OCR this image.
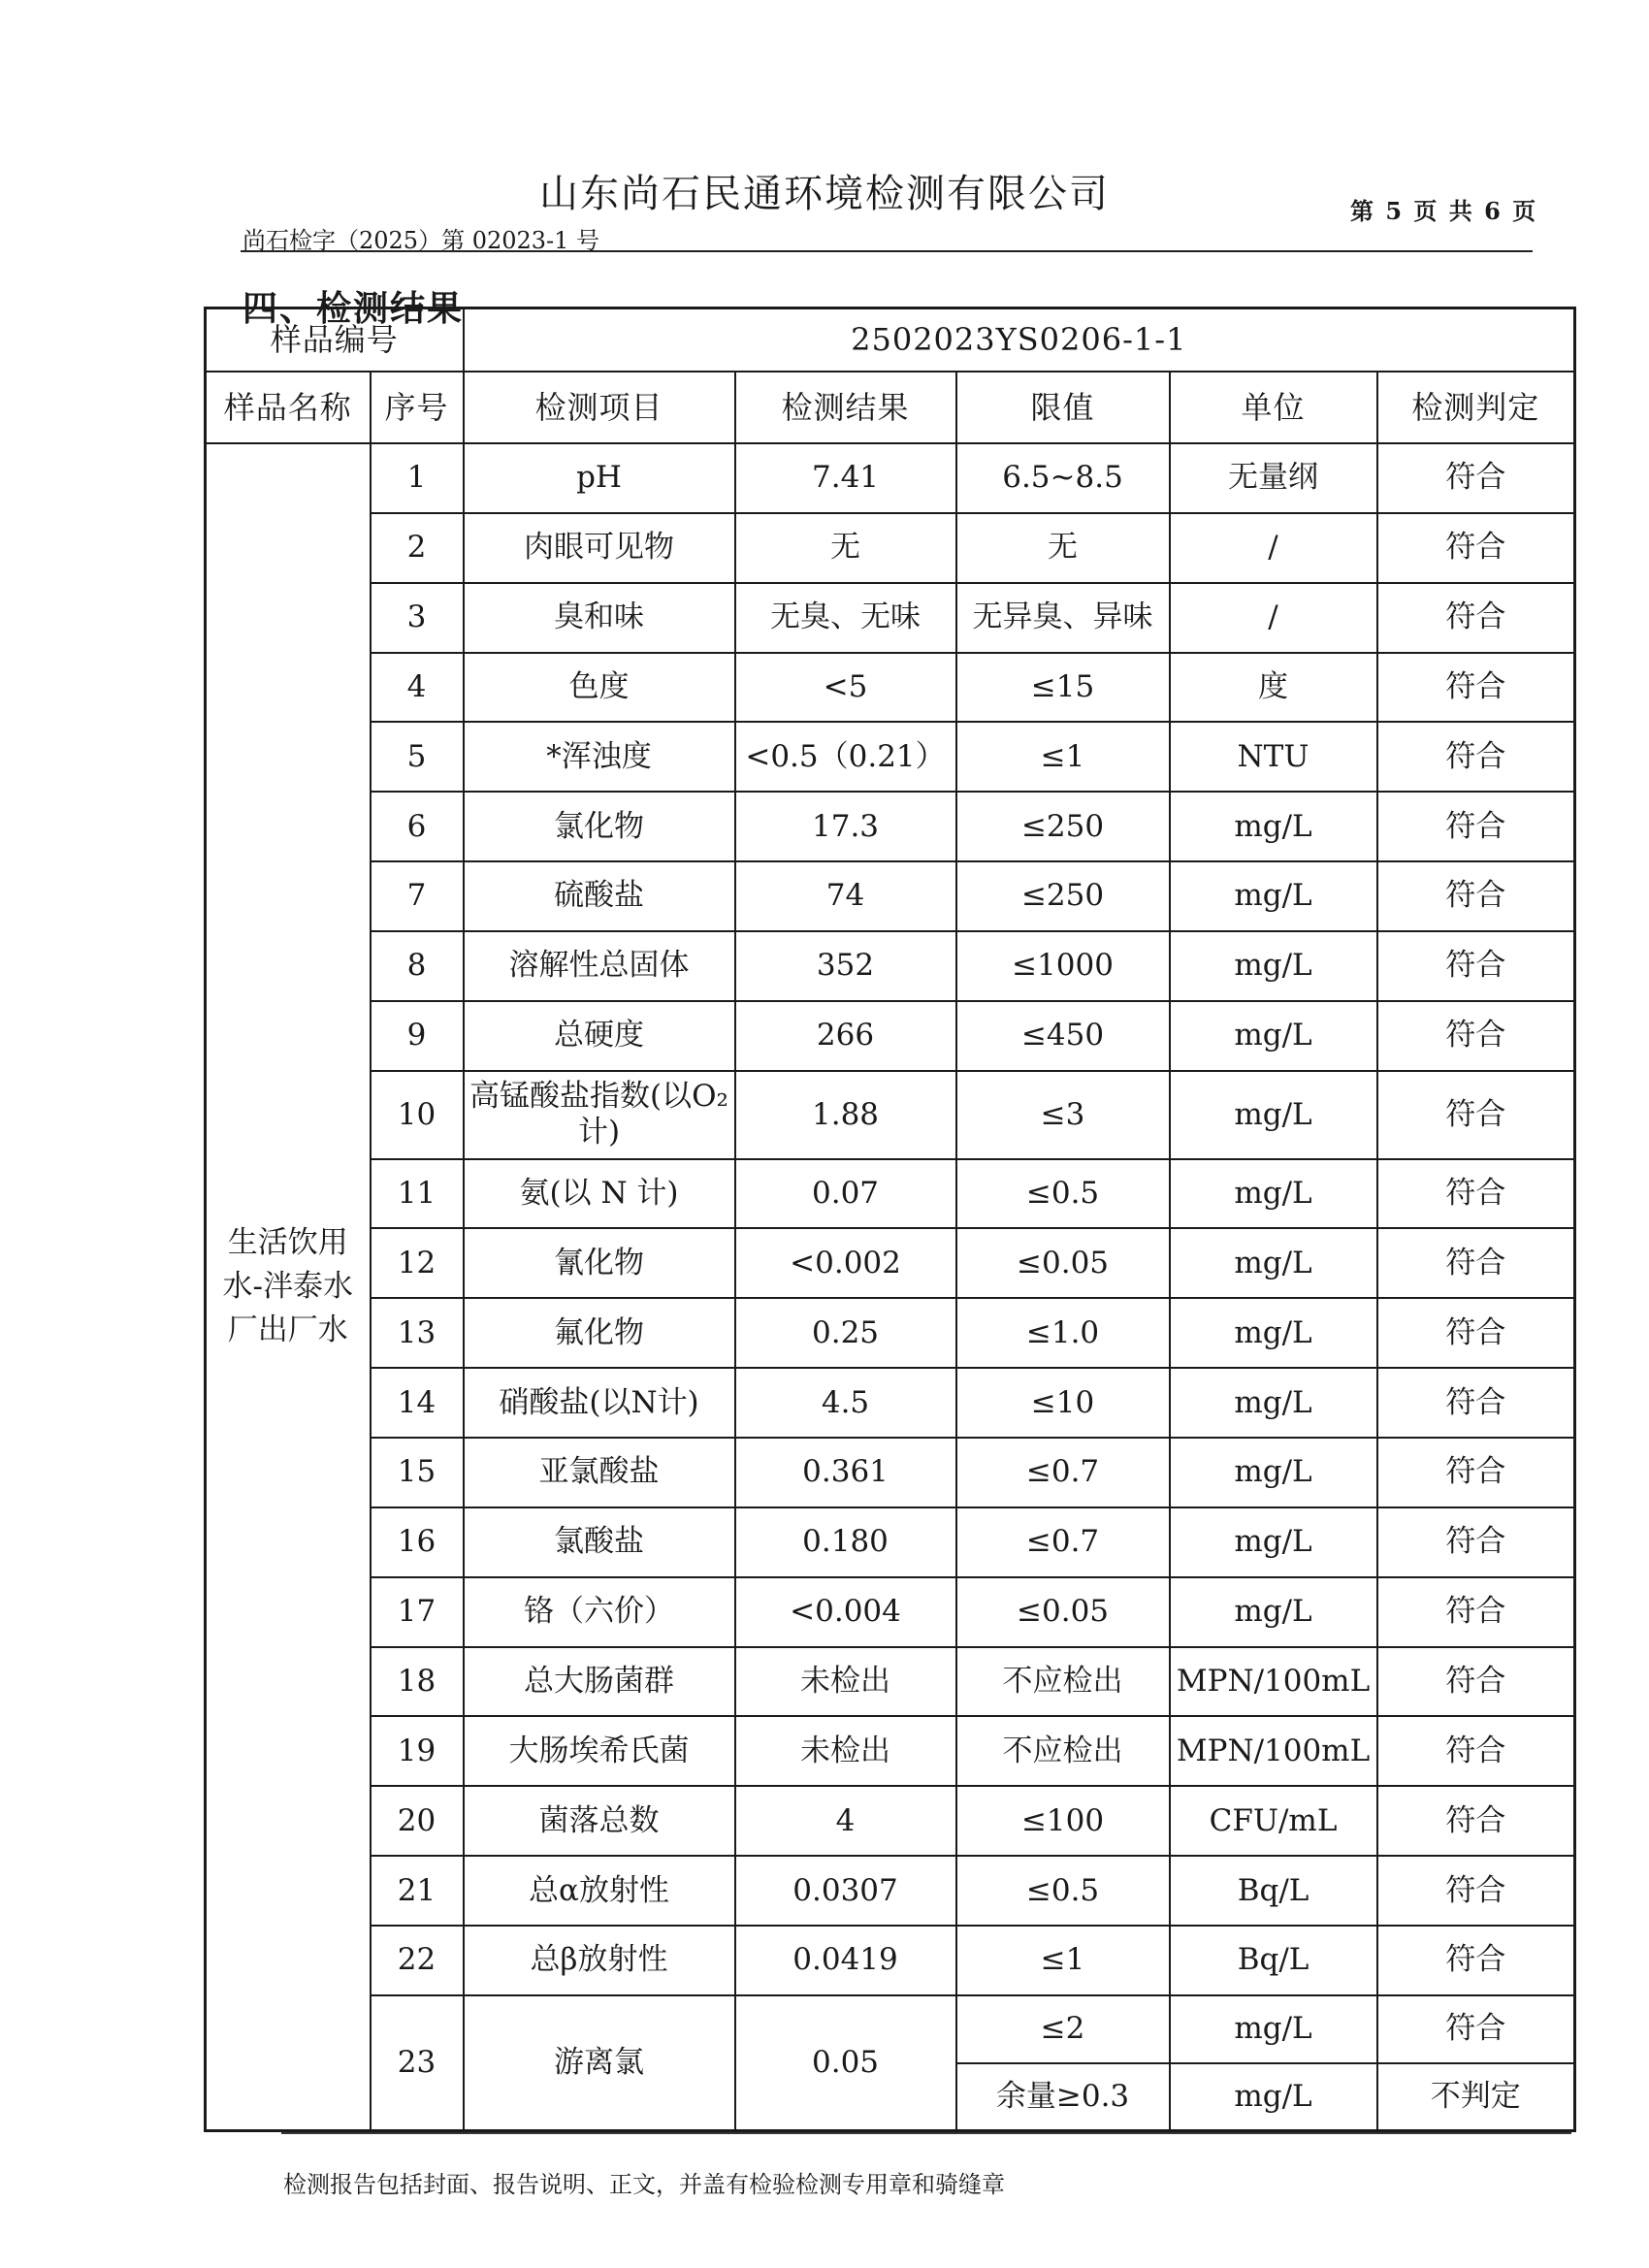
山东尚石民通环境检测有限公司
尚石检字（2025）第 02023-1 号
第 5 页 共 6 页
四、检测结果
样品编号		2502023YS0206-1-1				
样品名称	序号	检测项目	检测结果	限值	单位	检测判定
生活饮用水-泮泰水厂出厂水	1	pH	7.41	6.5~8.5	无量纲	符合
	2	肉眼可见物	无	无	/	符合
	3	臭和味	无臭、无味	无异臭、异味	/	符合
	4	色度	<5	≤15	度	符合
	5	*浑浊度	<0.5（0.21）	≤1	NTU	符合
	6	氯化物	17.3	≤250	mg/L	符合
	7	硫酸盐	74	≤250	mg/L	符合
	8	溶解性总固体	352	≤1000	mg/L	符合
	9	总硬度	266	≤450	mg/L	符合
	10	高锰酸盐指数(以O₂计)	1.88	≤3	mg/L	符合
	11	氨(以 N 计)	0.07	≤0.5	mg/L	符合
	12	氰化物	<0.002	≤0.05	mg/L	符合
	13	氟化物	0.25	≤1.0	mg/L	符合
	14	硝酸盐(以N计)	4.5	≤10	mg/L	符合
	15	亚氯酸盐	0.361	≤0.7	mg/L	符合
	16	氯酸盐	0.180	≤0.7	mg/L	符合
	17	铬（六价）	<0.004	≤0.05	mg/L	符合
	18	总大肠菌群	未检出	不应检出	MPN/100mL	符合
	19	大肠埃希氏菌	未检出	不应检出	MPN/100mL	符合
	20	菌落总数	4	≤100	CFU/mL	符合
	21	总α放射性	0.0307	≤0.5	Bq/L	符合
	22	总β放射性	0.0419	≤1	Bq/L	符合
	23	游离氯	0.05	≤2	mg/L	符合
				余量≥0.3	mg/L	不判定
检测报告包括封面、报告说明、正文，并盖有检验检测专用章和骑缝章
